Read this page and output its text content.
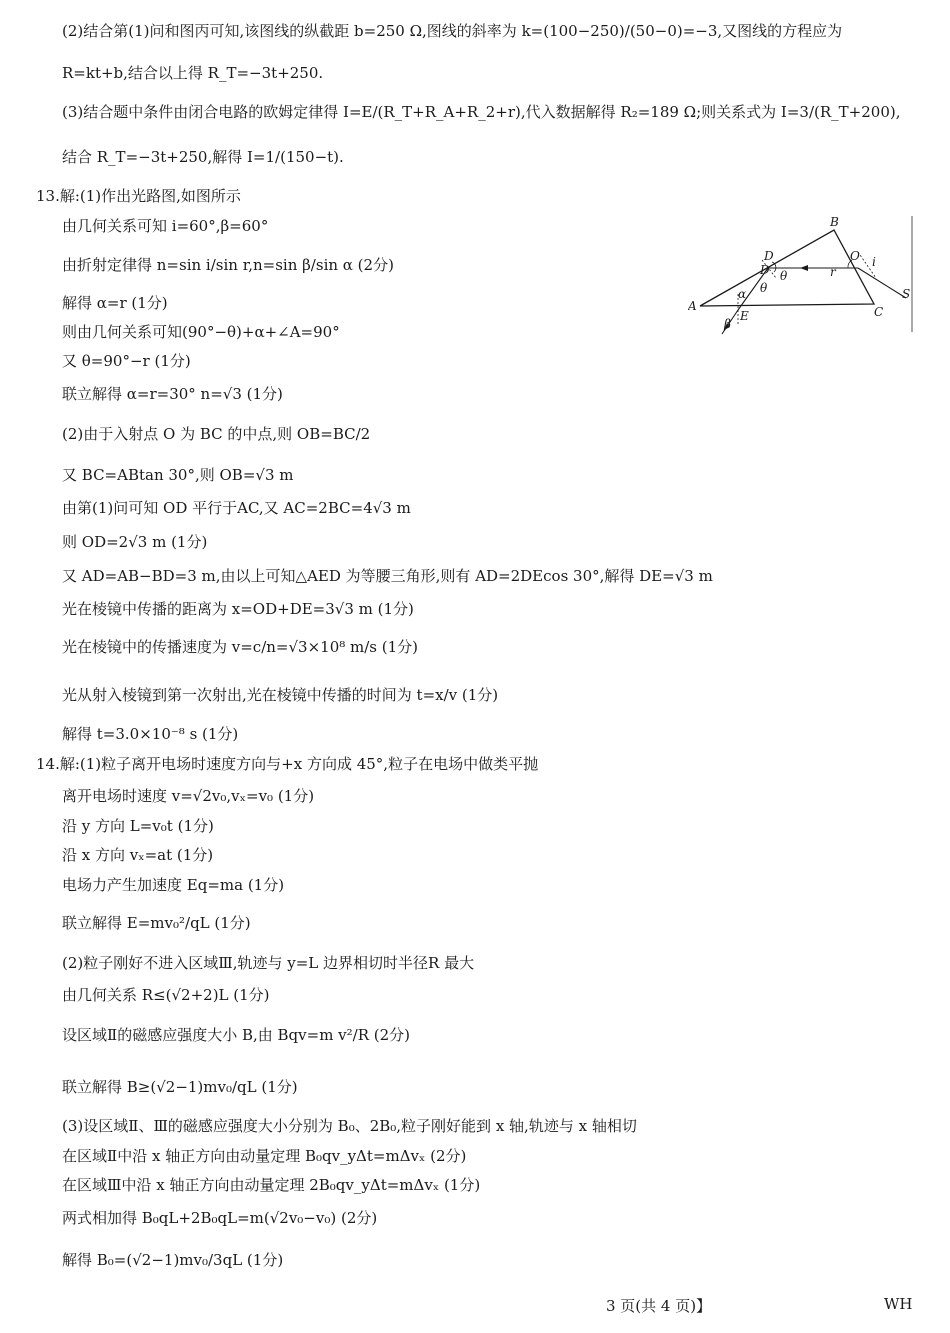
(2)结合第(1)问和图丙可知,该图线的纵截距 b=250 Ω,图线的斜率为 k=(100−250)/(50−0)=−3,又图线的方程应为
R=kt+b,结合以上得 R_T=−3t+250.
(3)结合题中条件由闭合电路的欧姆定律得 I=E/(R_T+R_A+R_2+r),代入数据解得 R₂=189 Ω;则关系式为 I=3/(R_T+200),
结合 R_T=−3t+250,解得 I=1/(150−t).
13.解:(1)作出光路图,如图所示
由几何关系可知 i=60°,β=60°
由折射定律得 n=sin i/sin r,n=sin β/sin α (2分)
解得 α=r (1分)
则由几何关系可知(90°−θ)+α+∠A=90°
又 θ=90°−r (1分)
联立解得 α=r=30° n=√3 (1分)
(2)由于入射点 O 为 BC 的中点,则 OB=BC/2
又 BC=ABtan 30°,则 OB=√3 m
由第(1)问可知 OD 平行于AC,又 AC=2BC=4√3 m
则 OD=2√3 m (1分)
又 AD=AB−BD=3 m,由以上可知△AED 为等腰三角形,则有 AD=2DEcos 30°,解得 DE=√3 m
光在棱镜中传播的距离为 x=OD+DE=3√3 m (1分)
光在棱镜中的传播速度为 v=c/n=√3×10⁸ m/s (1分)
光从射入棱镜到第一次射出,光在棱镜中传播的时间为 t=x/v (1分)
解得 t=3.0×10⁻⁸ s (1分)
14.解:(1)粒子离开电场时速度方向与+x 方向成 45°,粒子在电场中做类平抛
离开电场时速度 v=√2v₀,vₓ=v₀ (1分)
沿 y 方向 L=v₀t (1分)
沿 x 方向 vₓ=at (1分)
电场力产生加速度 Eq=ma (1分)
联立解得 E=mv₀²/qL (1分)
(2)粒子刚好不进入区域Ⅲ,轨迹与 y=L 边界相切时半径R 最大
由几何关系 R≤(√2+2)L (1分)
设区域Ⅱ的磁感应强度大小 B,由 Bqv=m v²/R (2分)
联立解得 B≥(√2−1)mv₀/qL (1分)
(3)设区域Ⅱ、Ⅲ的磁感应强度大小分别为 B₀、2B₀,粒子刚好能到 x 轴,轨迹与 x 轴相切
在区域Ⅱ中沿 x 轴正方向由动量定理 B₀qv_yΔt=mΔvₓ (2分)
在区域Ⅲ中沿 x 轴正方向由动量定理 2B₀qv_yΔt=mΔvₓ (1分)
两式相加得 B₀qL+2B₀qL=m(√2v₀−v₀) (2分)
解得 B₀=(√2−1)mv₀/3qL (1分)
B
O
D
D
A	C
S
E
i
r
θ
θ
α
β
3 页(共 4 页)】	WH
